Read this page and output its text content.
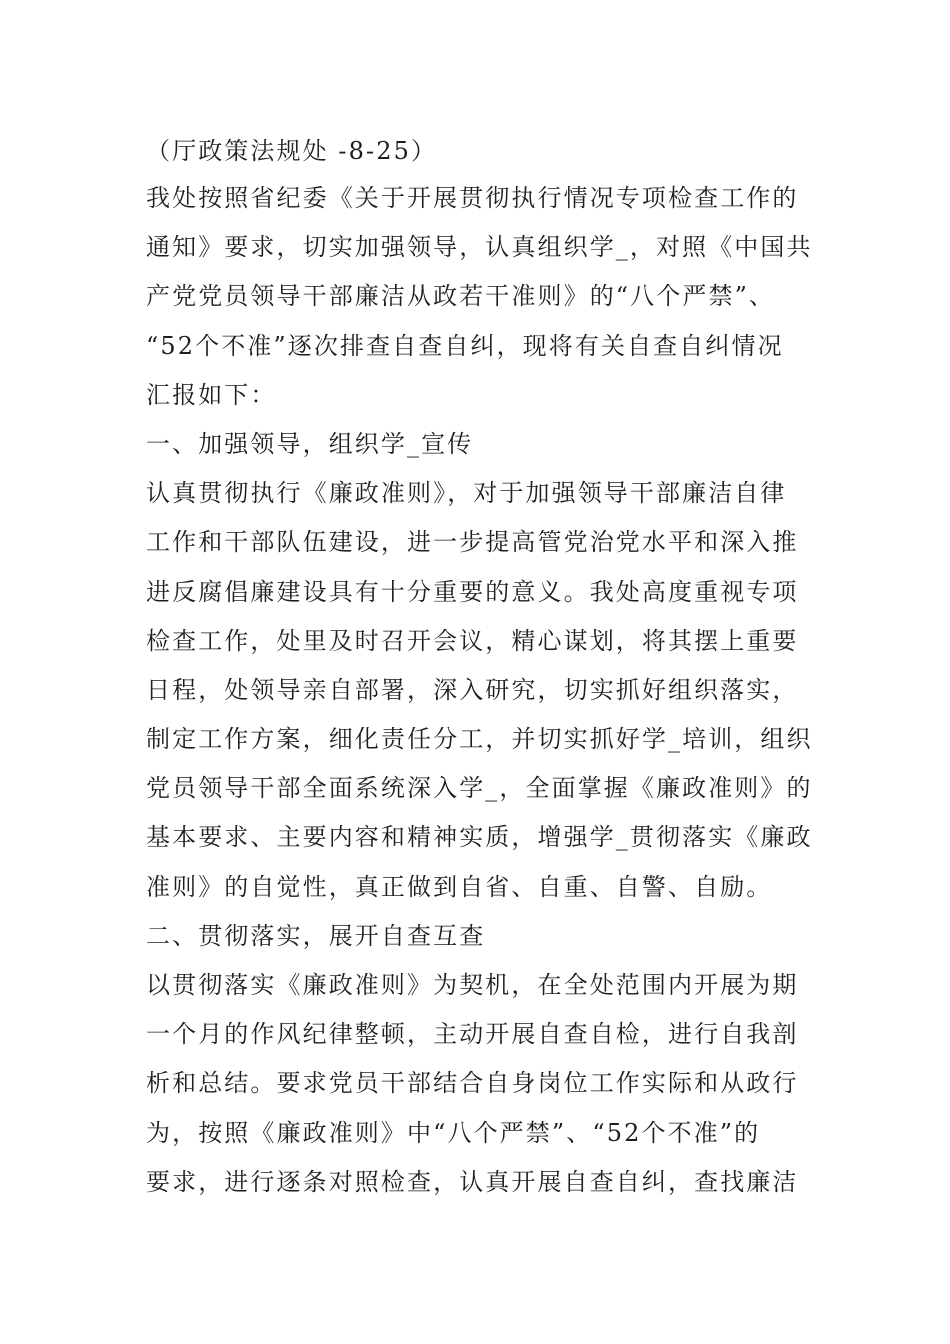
（厅政策法规处 -8-25）
我处按照省纪委《关于开展贯彻执行情况专项检查工作的
通知》要求，切实加强领导，认真组织学_，对照《中国共
产党党员领导干部廉洁从政若干准则》的“八个严禁”、
“52个不准”逐次排查自查自纠，现将有关自查自纠情况
汇报如下：
一、加强领导，组织学_宣传
认真贯彻执行《廉政准则》，对于加强领导干部廉洁自律
工作和干部队伍建设，进一步提高管党治党水平和深入推
进反腐倡廉建设具有十分重要的意义。我处高度重视专项
检查工作，处里及时召开会议，精心谋划，将其摆上重要
日程，处领导亲自部署，深入研究，切实抓好组织落实，
制定工作方案，细化责任分工，并切实抓好学_培训，组织
党员领导干部全面系统深入学_，全面掌握《廉政准则》的
基本要求、主要内容和精神实质，增强学_贯彻落实《廉政
准则》的自觉性，真正做到自省、自重、自警、自励。
二、贯彻落实，展开自查互查
以贯彻落实《廉政准则》为契机，在全处范围内开展为期
一个月的作风纪律整顿，主动开展自查自检，进行自我剖
析和总结。要求党员干部结合自身岗位工作实际和从政行
为，按照《廉政准则》中“八个严禁”、“52个不准”的
要求，进行逐条对照检查，认真开展自查自纠，查找廉洁
